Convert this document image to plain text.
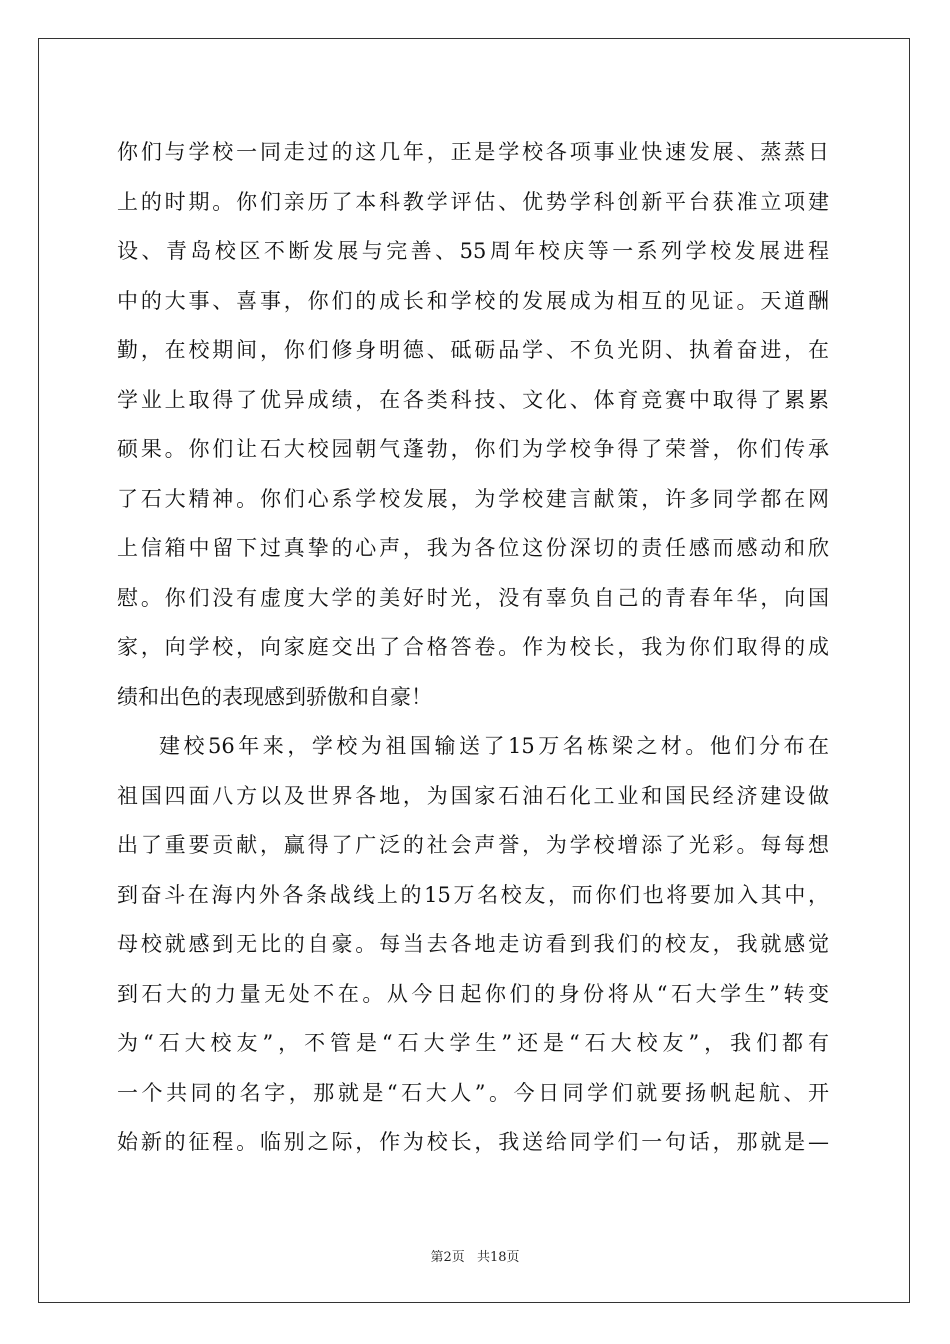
你们与学校一同走过的这几年，正是学校各项事业快速发展、蒸蒸日
上的时期。你们亲历了本科教学评估、优势学科创新平台获准立项建
设、青岛校区不断发展与完善、55周年校庆等一系列学校发展进程
中的大事、喜事，你们的成长和学校的发展成为相互的见证。天道酬
勤，在校期间，你们修身明德、砥砺品学、不负光阴、执着奋进，在
学业上取得了优异成绩，在各类科技、文化、体育竞赛中取得了累累
硕果。你们让石大校园朝气蓬勃，你们为学校争得了荣誉，你们传承
了石大精神。你们心系学校发展，为学校建言献策，许多同学都在网
上信箱中留下过真挚的心声，我为各位这份深切的责任感而感动和欣
慰。你们没有虚度大学的美好时光，没有辜负自己的青春年华，向国
家，向学校，向家庭交出了合格答卷。作为校长，我为你们取得的成
绩和出色的表现感到骄傲和自豪！
建校56年来，学校为祖国输送了15万名栋梁之材。他们分布在
祖国四面八方以及世界各地，为国家石油石化工业和国民经济建设做
出了重要贡献，赢得了广泛的社会声誉，为学校增添了光彩。每每想
到奋斗在海内外各条战线上的15万名校友，而你们也将要加入其中，
母校就感到无比的自豪。每当去各地走访看到我们的校友，我就感觉
到石大的力量无处不在。从今日起你们的身份将从“石大学生”转变
为“石大校友”，不管是“石大学生”还是“石大校友”，我们都有
一个共同的名字，那就是“石大人”。今日同学们就要扬帆起航、开
始新的征程。临别之际，作为校长，我送给同学们一句话，那就是—
第2页 共18页
